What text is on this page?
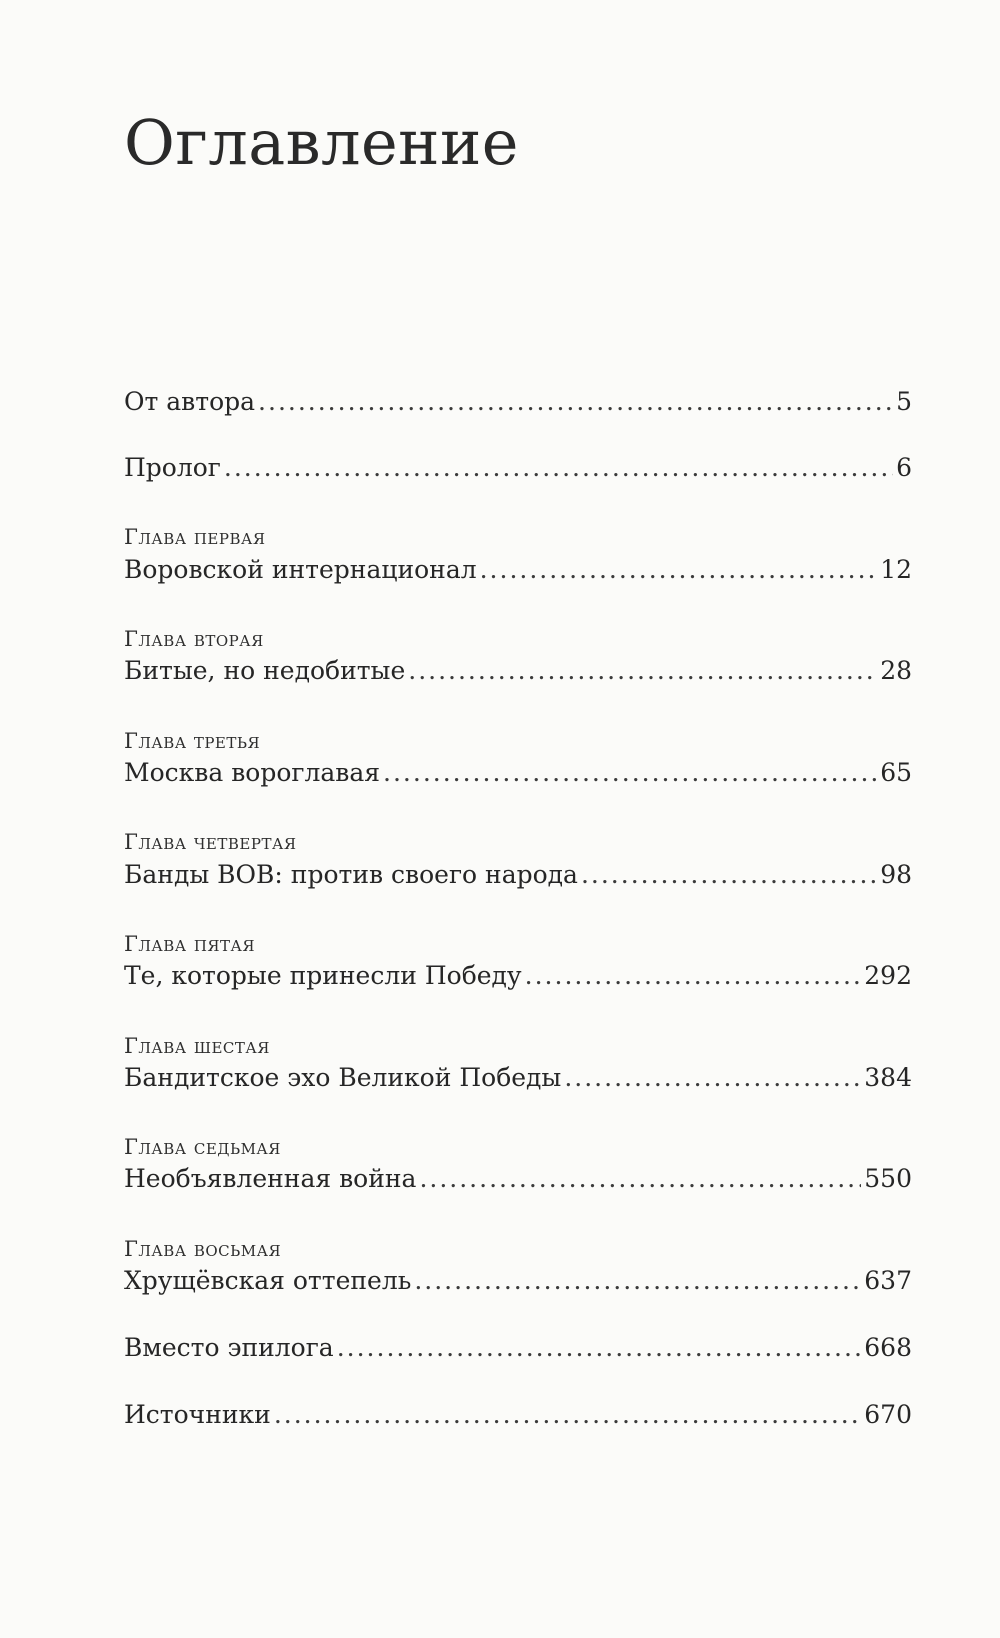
Оглавление
От автора .....	5
Пролог .....	6
Глава первая
Воровской интернационал .....	12
Глава вторая
Битые, но недобитые .....	28
Глава третья
Москва вороглавая .....	65
Глава четвертая
Банды ВОВ: против своего народа .....	98
Глава пятая
Те, которые принесли Победу .....	292
Глава шестая
Бандитское эхо Великой Победы .....	384
Глава седьмая
Необъявленная война .....	550
Глава восьмая
Хрущёвская оттепель .....	637
Вместо эпилога .....	668
Источники .....	670
